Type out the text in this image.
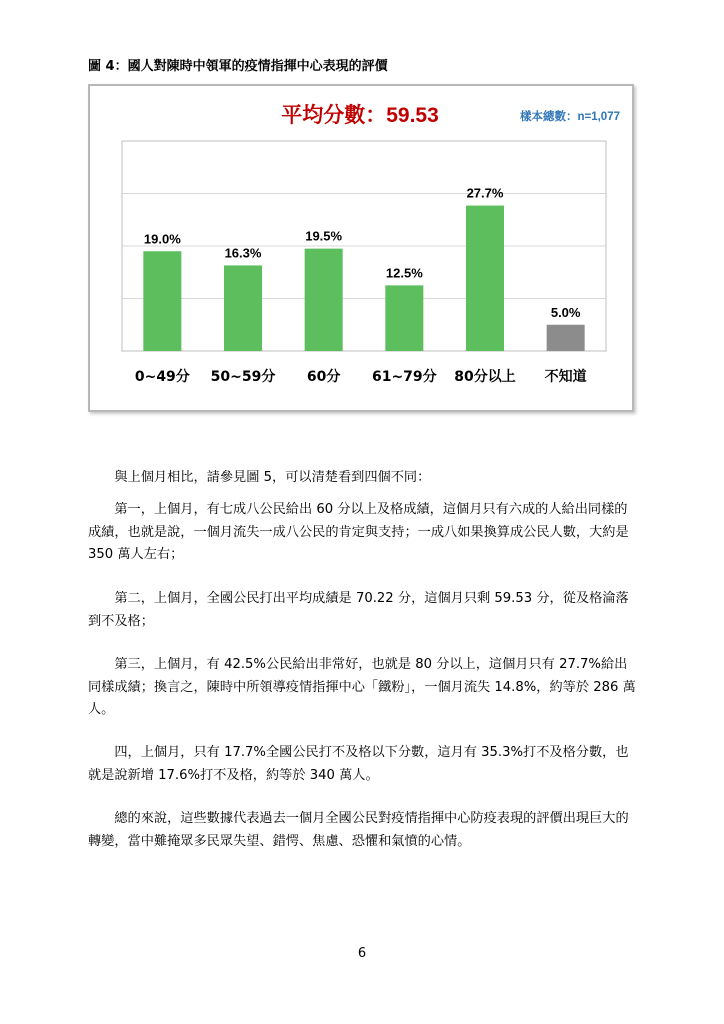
圖 4：國人對陳時中領軍的疫情指揮中心表現的評價
平均分數：59.53	樣本總數：n=1,077
19.0%
0~49分
16.3%
50~59分
19.5%
60分
12.5%
61~79分
27.7%
80分以上
5.0%
不知道

　　與上個月相比，請參見圖 5，可以清楚看到四個不同：

　　第一，上個月，有七成八公民給出 60 分以上及格成績，這個月只有六成的人給出同樣的成績，也就是說，一個月流失一成八公民的肯定與支持；一成八如果換算成公民人數，大約是 350 萬人左右；

　　第二，上個月，全國公民打出平均成績是 70.22 分，這個月只剩 59.53 分，從及格淪落到不及格；

　　第三，上個月，有 42.5%公民給出非常好，也就是 80 分以上，這個月只有 27.7%給出同樣成績；換言之，陳時中所領導疫情指揮中心「鐵粉」，一個月流失 14.8%，約等於 286 萬人。

　　四，上個月，只有 17.7%全國公民打不及格以下分數，這月有 35.3%打不及格分數，也就是說新增 17.6%打不及格，約等於 340 萬人。

　　總的來說，這些數據代表過去一個月全國公民對疫情指揮中心防疫表現的評價出現巨大的轉變，當中難掩眾多民眾失望、錯愕、焦慮、恐懼和氣憤的心情。

6
